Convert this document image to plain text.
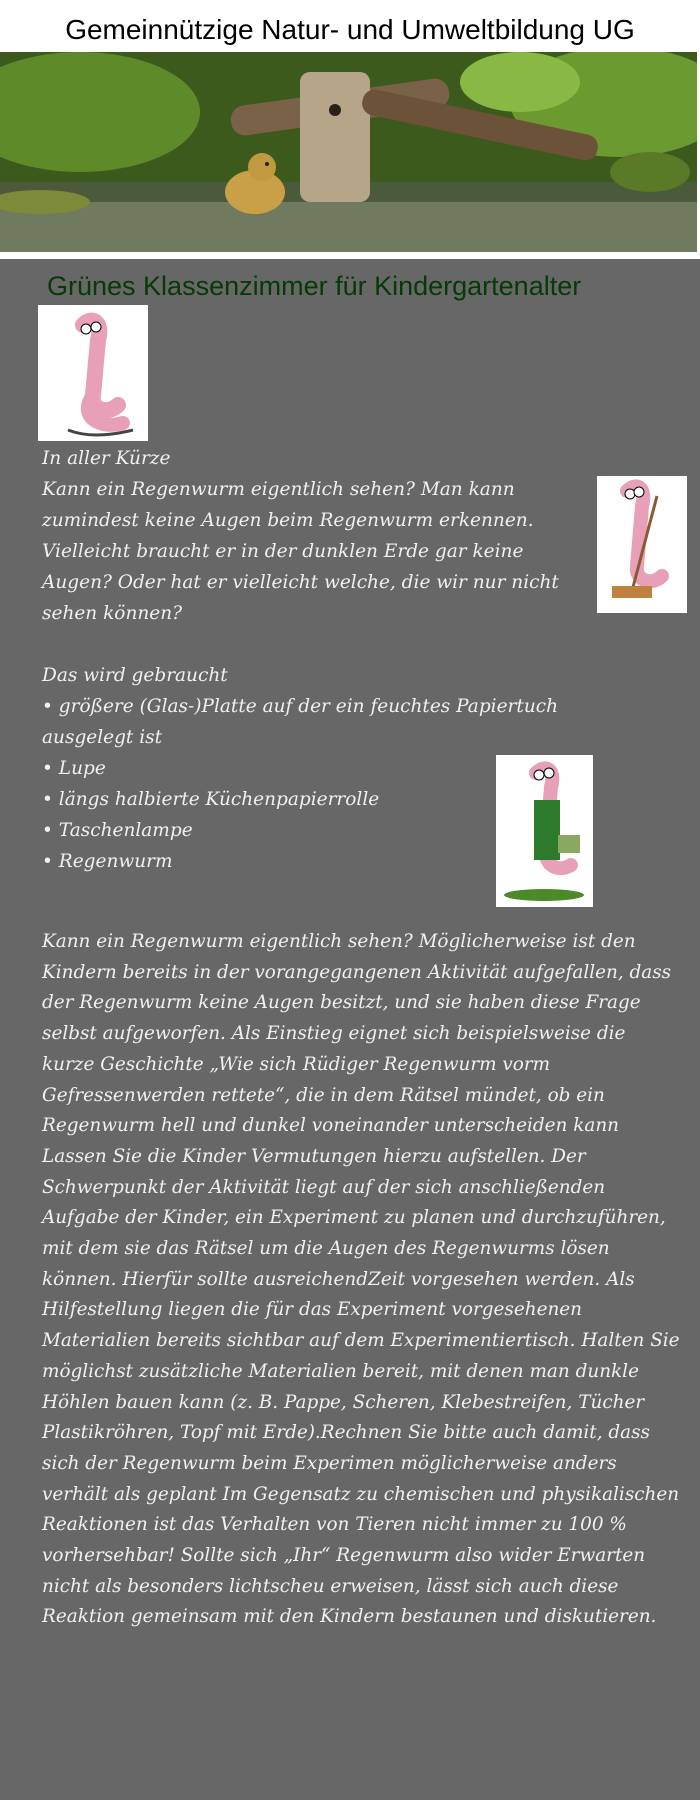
Gemeinnützige Natur- und Umweltbildung UG
Grünes Klassenzimmer für Kindergartenalter
In aller Kürze
Kann ein Regenwurm eigentlich sehen? Man kann zumindest keine Augen beim Regenwurm erkennen. Vielleicht braucht er in der dunklen Erde gar keine Augen? Oder hat er vielleicht welche, die wir nur nicht sehen können?
Das wird gebraucht
• größere (Glas-)Platte auf der ein feuchtes Papiertuch ausgelegt ist
• Lupe
• längs halbierte Küchenpapierrolle
• Taschenlampe
• Regenwurm
Kann ein Regenwurm eigentlich sehen? Möglicherweise ist den Kindern bereits in der vorangegangenen Aktivität aufgefallen, dass der Regenwurm keine Augen besitzt, und sie haben diese Frage selbst aufgeworfen. Als Einstieg eignet sich beispielsweise die kurze Geschichte „Wie sich Rüdiger Regenwurm vorm Gefressenwerden rettete“, die in dem Rätsel mündet, ob ein Regenwurm hell und dunkel voneinander unterscheiden kann Lassen Sie die Kinder Vermutungen hierzu aufstellen. Der Schwerpunkt der Aktivität liegt auf der sich anschließenden Aufgabe der Kinder, ein Experiment zu planen und durchzuführen, mit dem sie das Rätsel um die Augen des Regenwurms lösen können. Hierfür sollte ausreichendZeit vorgesehen werden. Als Hilfestellung liegen die für das Experiment vorgesehenen Materialien bereits sichtbar auf dem Experimentiertisch. Halten Sie möglichst zusätzliche Materialien bereit, mit denen man dunkle Höhlen bauen kann (z. B. Pappe, Scheren, Klebestreifen, Tücher Plastikröhren, Topf mit Erde).Rechnen Sie bitte auch damit, dass sich der Regenwurm beim Experimen möglicherweise anders verhält als geplant Im Gegensatz zu chemischen und physikalischen Reaktionen ist das Verhalten von Tieren nicht immer zu 100 % vorhersehbar! Sollte sich „Ihr“ Regenwurm also wider Erwarten nicht als besonders lichtscheu erweisen, lässt sich auch diese Reaktion gemeinsam mit den Kindern bestaunen und diskutieren.
